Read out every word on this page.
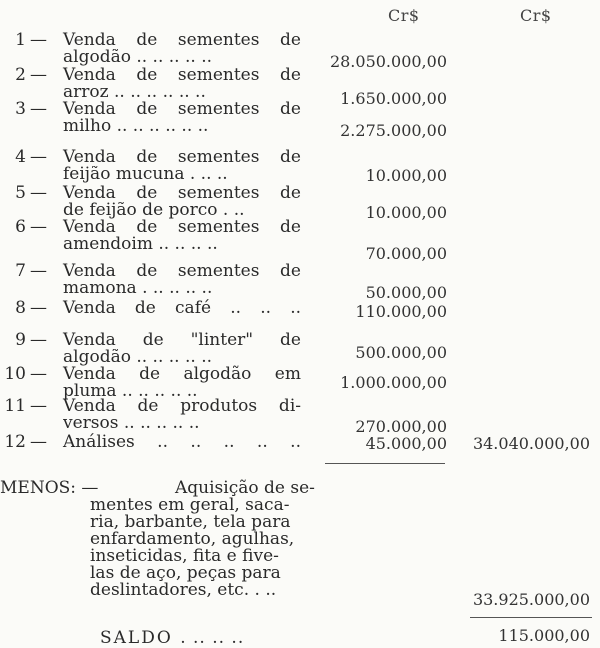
Cr$	Cr$
1 — Venda de sementes de
algodão .. .. .. .. ..	28.050.000,00
2 — Venda de sementes de
arroz .. .. .. .. .. ..	1.650.000,00
3 — Venda de sementes de
milho .. .. .. .. .. ..	2.275.000,00
4 — Venda de sementes de
feijão mucuna . .. ..	10.000,00
5 — Venda de sementes de
de feijão de porco . ..	10.000,00
6 — Venda de sementes de
amendoim .. .. .. ..	70.000,00
7 — Venda de sementes de
mamona . .. .. .. ..	50.000,00
8 — Venda de café .. .. ..	110.000,00
9 — Venda de "linter" de
algodão .. .. .. .. ..	500.000,00
10 — Venda de algodão em
pluma .. .. .. .. ..	1.000.000,00
11 — Venda de produtos di-
versos .. .. .. .. ..	270.000,00
12 — Análises .. .. .. .. ..	45.000,00	34.040.000,00
MENOS: —	Aquisição de se-
mentes em geral, saca-
ria, barbante, tela para
enfardamento, agulhas,
inseticidas, fita e five-
las de aço, peças para
deslintadores, etc. . ..	33.925.000,00
SALDO . .. .. ..	115.000,00
